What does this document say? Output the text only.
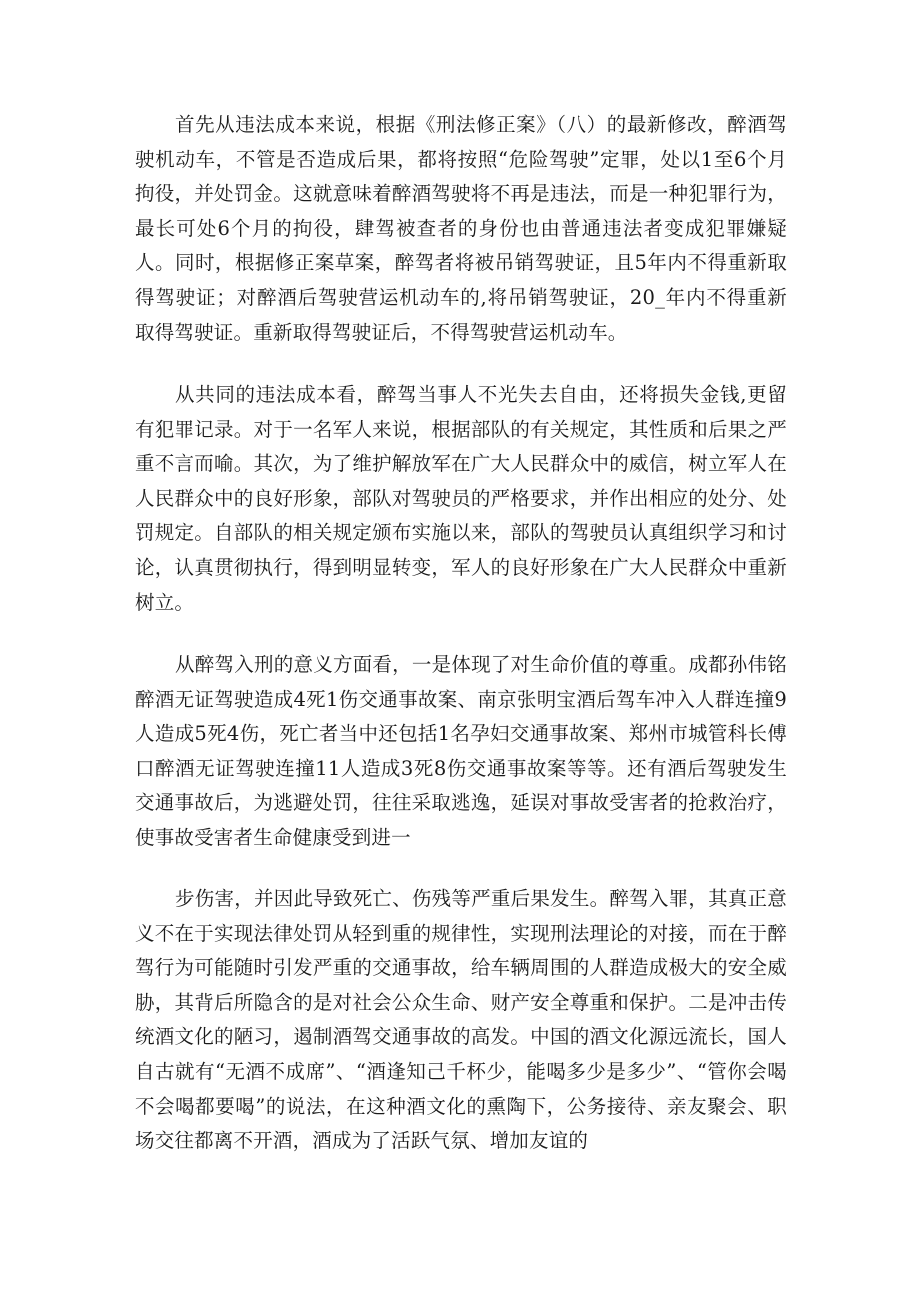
首先从违法成本来说，根据《刑法修正案》（八）的最新修改，醉酒驾驶机动车，不管是否造成后果，都将按照“危险驾驶”定罪，处以1至6个月拘役，并处罚金。这就意味着醉酒驾驶将不再是违法，而是一种犯罪行为，最长可处6个月的拘役，肆驾被查者的身份也由普通违法者变成犯罪嫌疑人。同时，根据修正案草案，醉驾者将被吊销驾驶证，且5年内不得重新取得驾驶证；对醉酒后驾驶营运机动车的,将吊销驾驶证，20_年内不得重新取得驾驶证。重新取得驾驶证后，不得驾驶营运机动车。

从共同的违法成本看，醉驾当事人不光失去自由，还将损失金钱,更留有犯罪记录。对于一名军人来说，根据部队的有关规定，其性质和后果之严重不言而喻。其次，为了维护解放军在广大人民群众中的威信，树立军人在人民群众中的良好形象，部队对驾驶员的严格要求，并作出相应的处分、处罚规定。自部队的相关规定颁布实施以来，部队的驾驶员认真组织学习和讨论，认真贯彻执行，得到明显转变，军人的良好形象在广大人民群众中重新树立。

从醉驾入刑的意义方面看，一是体现了对生命价值的尊重。成都孙伟铭醉酒无证驾驶造成4死1伤交通事故案、南京张明宝酒后驾车冲入人群连撞9人造成5死4伤，死亡者当中还包括1名孕妇交通事故案、郑州市城管科长傅口醉酒无证驾驶连撞11人造成3死8伤交通事故案等等。还有酒后驾驶发生交通事故后，为逃避处罚，往往采取逃逸，延误对事故受害者的抢救治疗，使事故受害者生命健康受到进一

步伤害，并因此导致死亡、伤残等严重后果发生。醉驾入罪，其真正意义不在于实现法律处罚从轻到重的规律性，实现刑法理论的对接，而在于醉驾行为可能随时引发严重的交通事故，给车辆周围的人群造成极大的安全威胁，其背后所隐含的是对社会公众生命、财产安全尊重和保护。二是冲击传统酒文化的陋习，遏制酒驾交通事故的高发。中国的酒文化源远流长，国人自古就有“无酒不成席”、“酒逢知己千杯少，能喝多少是多少”、“管你会喝不会喝都要喝”的说法，在这种酒文化的熏陶下，公务接待、亲友聚会、职场交往都离不开酒，酒成为了活跃气氛、增加友谊的
